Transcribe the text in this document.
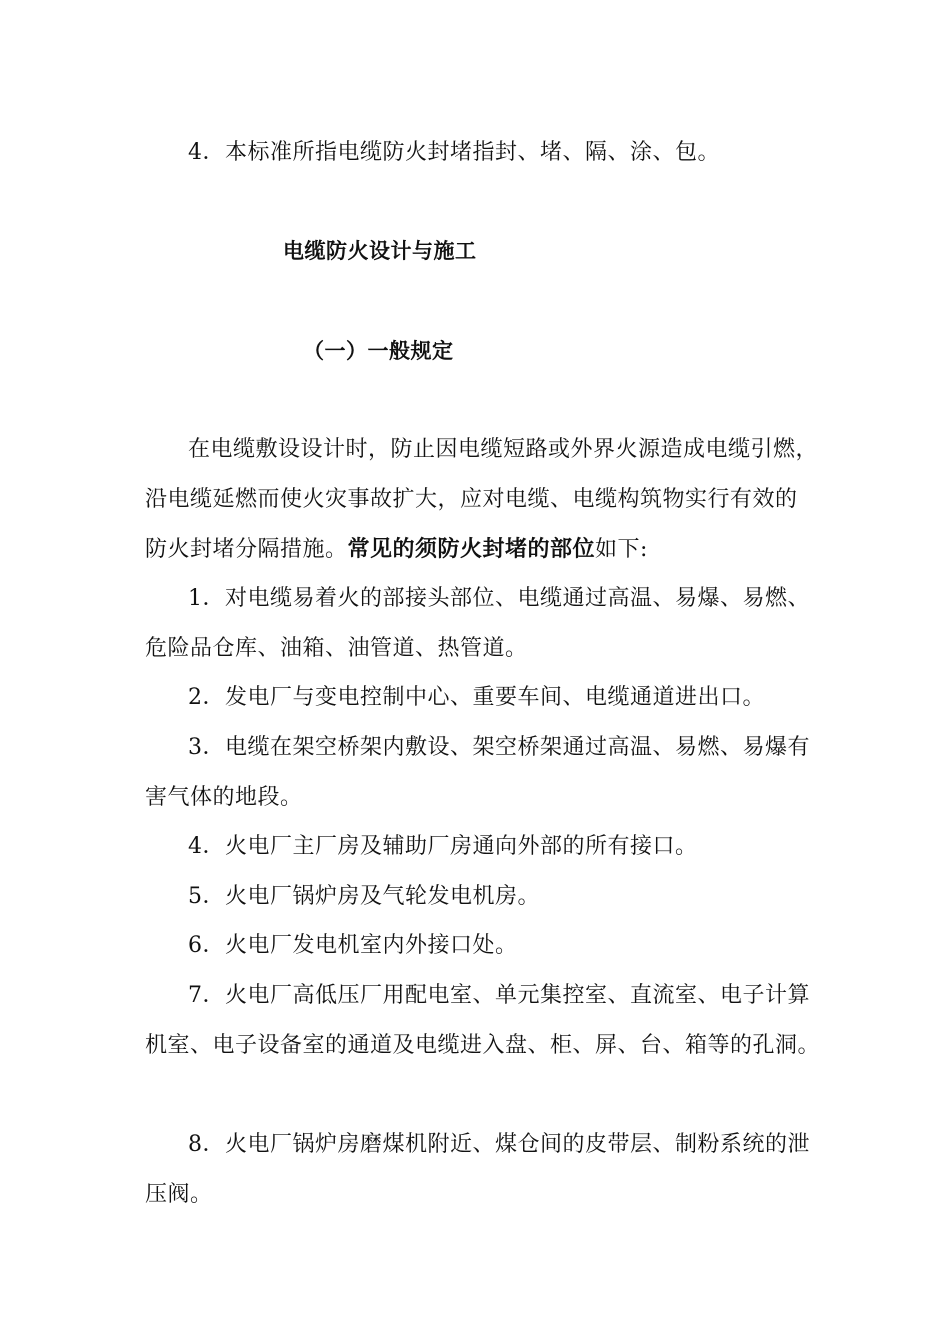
4．本标准所指电缆防火封堵指封、堵、隔、涂、包。
电缆防火设计与施工
（一）一般规定
在电缆敷设设计时，防止因电缆短路或外界火源造成电缆引燃，
沿电缆延燃而使火灾事故扩大，应对电缆、电缆构筑物实行有效的
防火封堵分隔措施。常见的须防火封堵的部位如下:
1．对电缆易着火的部接头部位、电缆通过高温、易爆、易燃、
危险品仓库、油箱、油管道、热管道。
2．发电厂与变电控制中心、重要车间、电缆通道进出口。
3．电缆在架空桥架内敷设、架空桥架通过高温、易燃、易爆有
害气体的地段。
4．火电厂主厂房及辅助厂房通向外部的所有接口。
5．火电厂锅炉房及气轮发电机房。
6．火电厂发电机室内外接口处。
7．火电厂高低压厂用配电室、单元集控室、直流室、电子计算
机室、电子设备室的通道及电缆进入盘、柜、屏、台、箱等的孔洞。
8．火电厂锅炉房磨煤机附近、煤仓间的皮带层、制粉系统的泄
压阀。
